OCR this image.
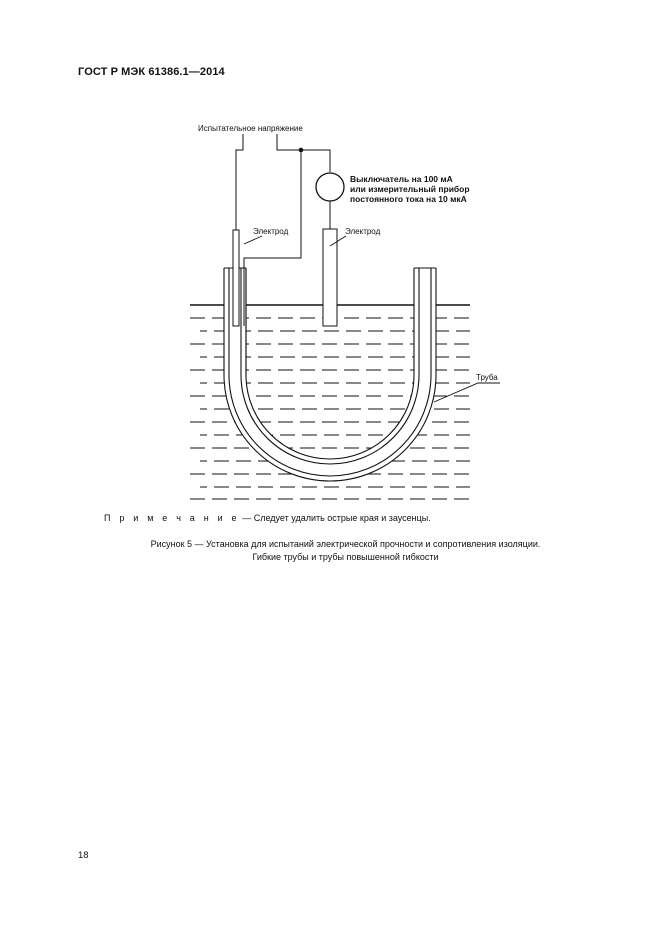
ГОСТ Р МЭК 61386.1—2014
Испытательное напряжение
Выключатель на 100 мА
или измерительный прибор
постоянного тока на 10 мкА
Электрод	Электрод
Труба
П р и м е ч а н и е — Следует удалить острые края и заусенцы.
Рисунок 5 — Установка для испытаний электрической прочности и сопротивления изоляции.
Гибкие трубы и трубы повышенной гибкости
18
